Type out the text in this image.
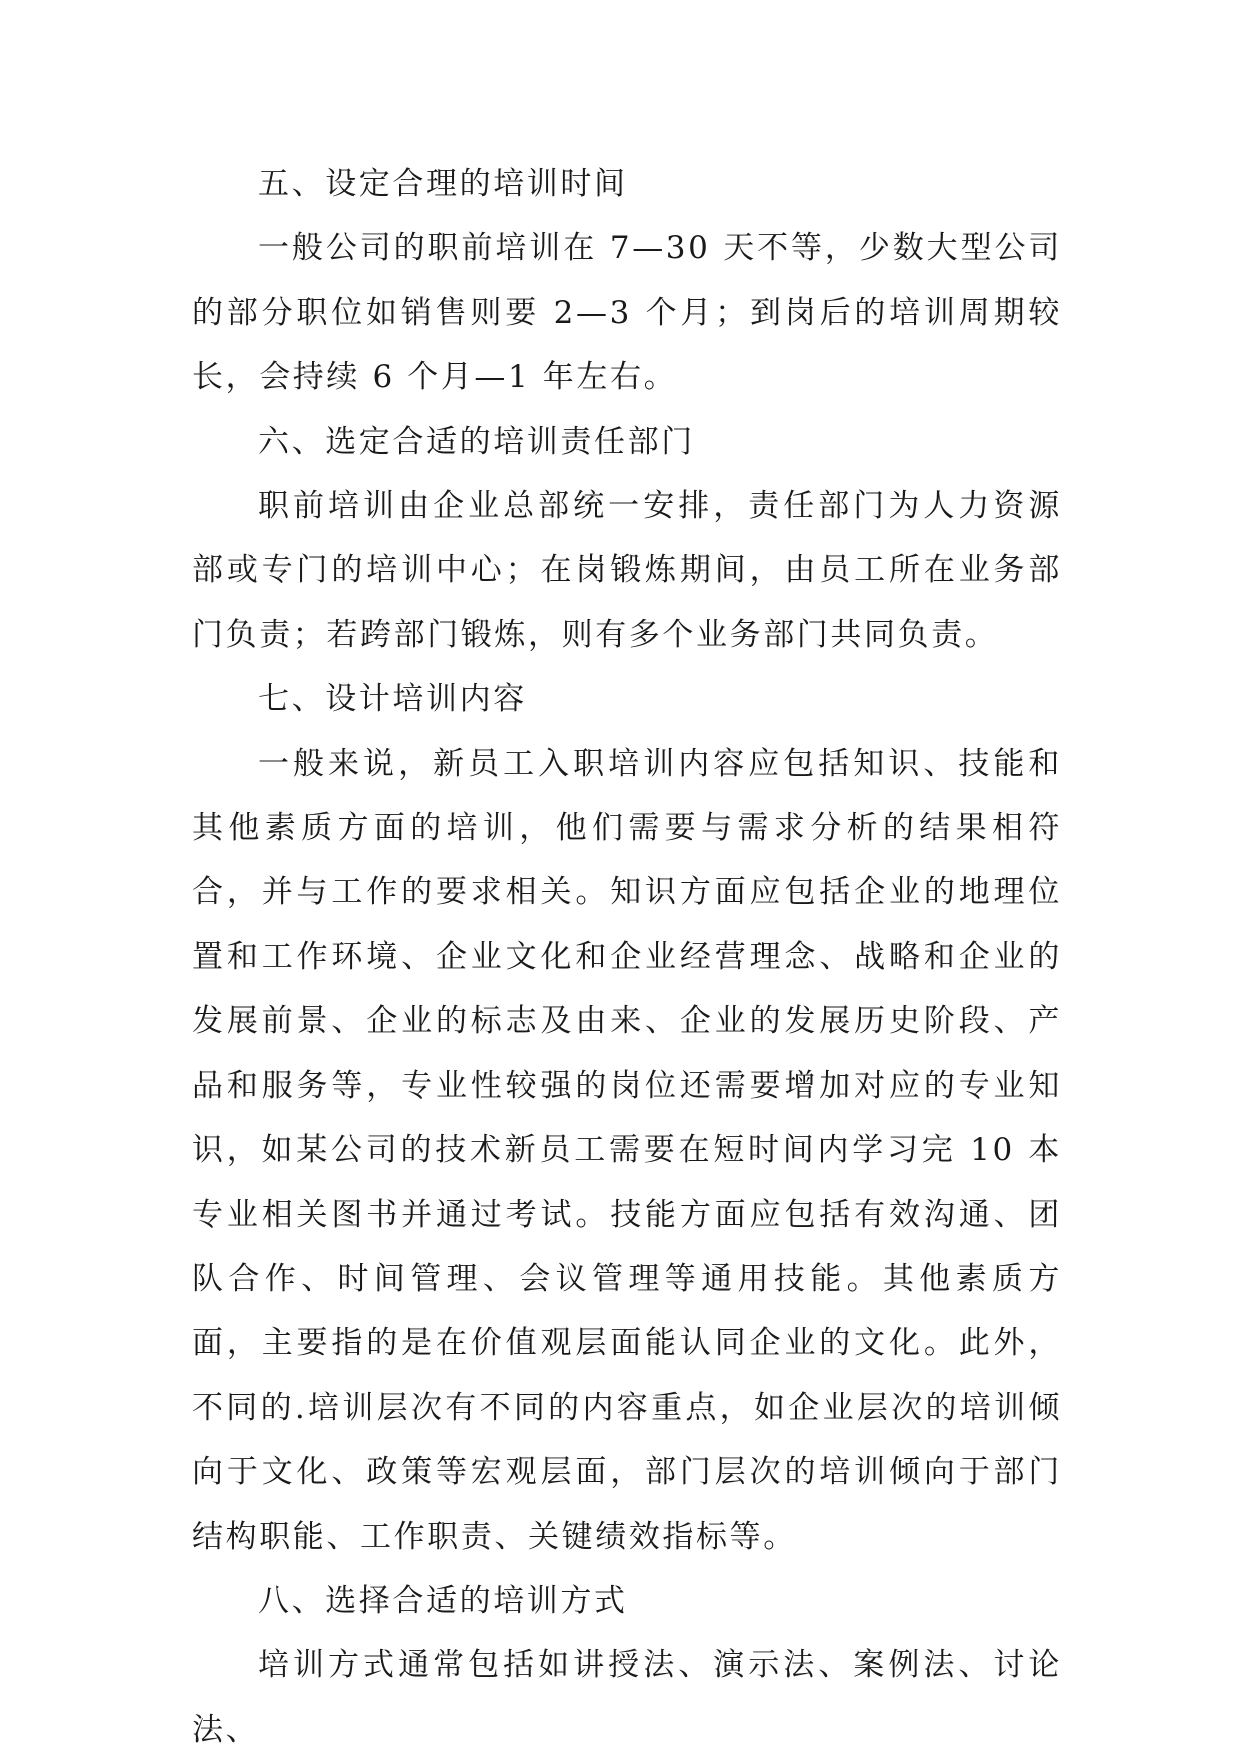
五、设定合理的培训时间

一般公司的职前培训在 7—30 天不等，少数大型公司的部分职位如销售则要 2—3 个月；到岗后的培训周期较长，会持续 6 个月—1 年左右。

六、选定合适的培训责任部门

职前培训由企业总部统一安排，责任部门为人力资源部或专门的培训中心；在岗锻炼期间，由员工所在业务部门负责；若跨部门锻炼，则有多个业务部门共同负责。

七、设计培训内容

一般来说，新员工入职培训内容应包括知识、技能和其他素质方面的培训，他们需要与需求分析的结果相符合，并与工作的要求相关。知识方面应包括企业的地理位置和工作环境、企业文化和企业经营理念、战略和企业的发展前景、企业的标志及由来、企业的发展历史阶段、产品和服务等，专业性较强的岗位还需要增加对应的专业知识，如某公司的技术新员工需要在短时间内学习完 10 本专业相关图书并通过考试。技能方面应包括有效沟通、团队合作、时间管理、会议管理等通用技能。其他素质方面，主要指的是在价值观层面能认同企业的文化。此外，不同的.培训层次有不同的内容重点，如企业层次的培训倾向于文化、政策等宏观层面，部门层次的培训倾向于部门结构职能、工作职责、关键绩效指标等。

八、选择合适的培训方式

培训方式通常包括如讲授法、演示法、案例法、讨论法、
